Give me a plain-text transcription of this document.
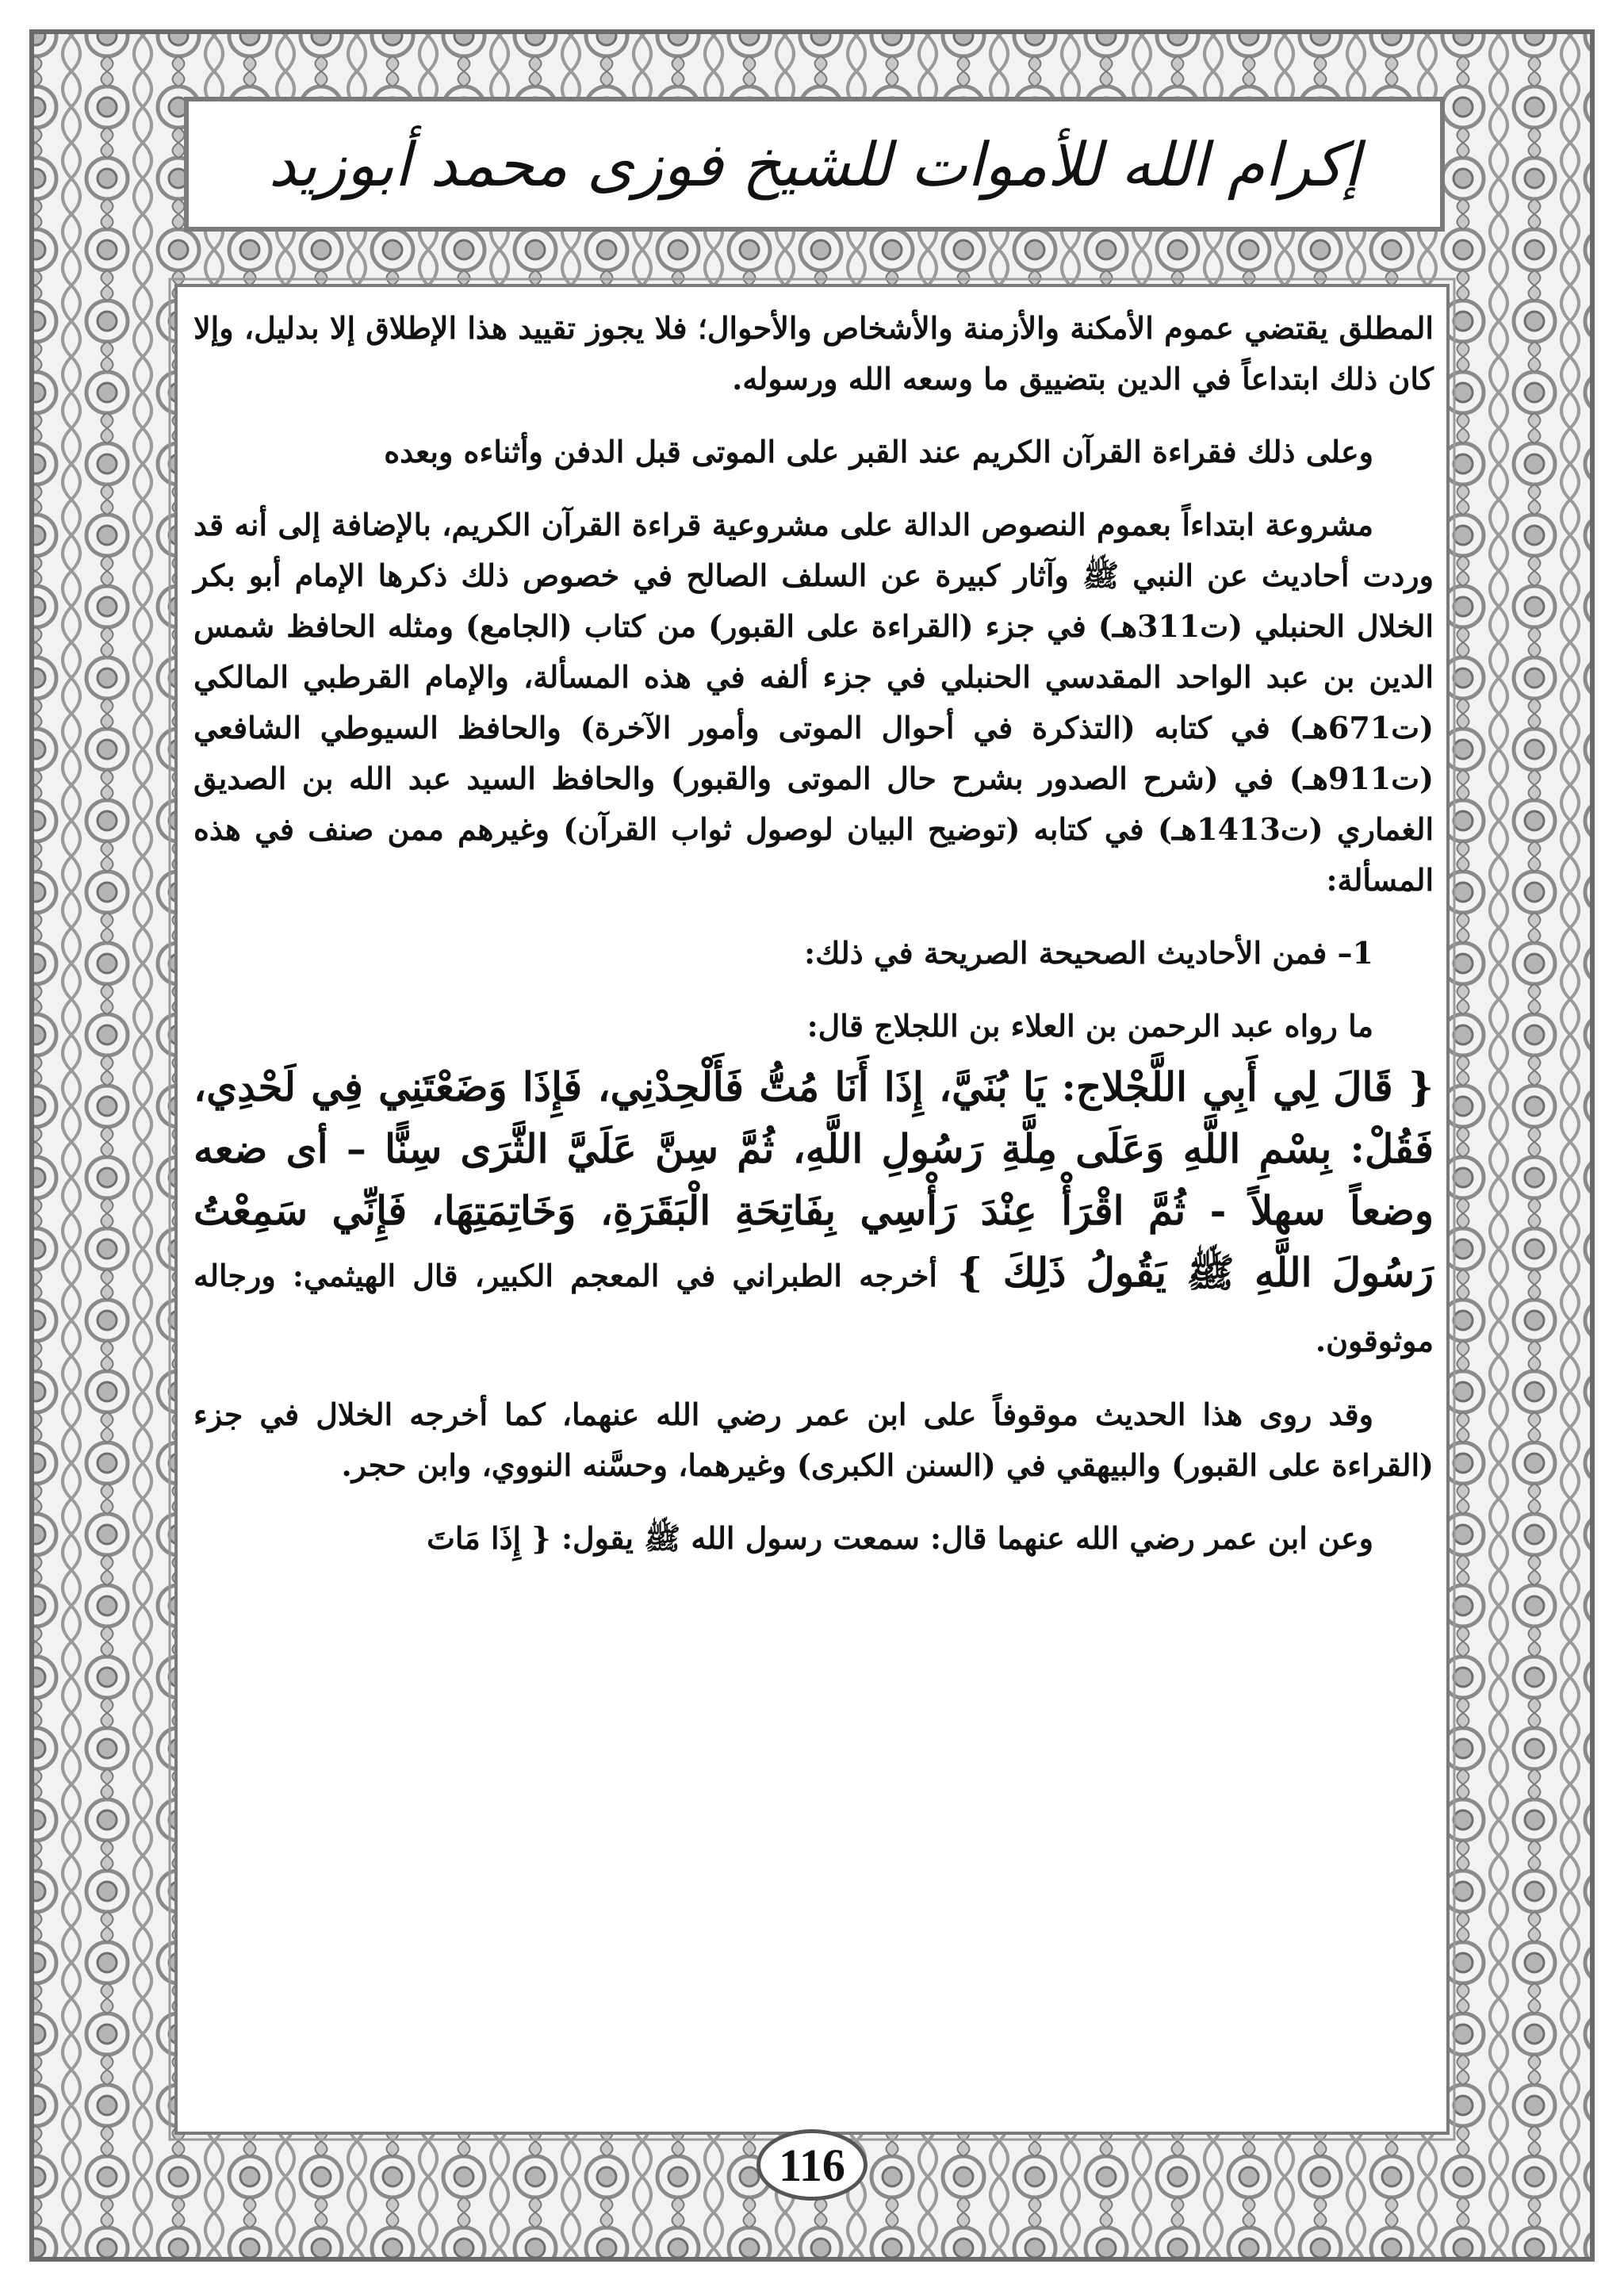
إكرام الله للأموات للشيخ فوزى محمد أبوزيد

المطلق يقتضي عموم الأمكنة والأزمنة والأشخاص والأحوال؛ فلا يجوز تقييد هذا الإطلاق إلا بدليل، وإلا كان ذلك ابتداعاً في الدين بتضييق ما وسعه الله ورسوله.

وعلى ذلك فقراءة القرآن الكريم عند القبر على الموتى قبل الدفن وأثناءه وبعده

مشروعة ابتداءاً بعموم النصوص الدالة على مشروعية قراءة القرآن الكريم، بالإضافة إلى أنه قد وردت أحاديث عن النبي ﷺ وآثار كبيرة عن السلف الصالح في خصوص ذلك ذكرها الإمام أبو بكر الخلال الحنبلي (ت311هـ) في جزء (القراءة على القبور) من كتاب (الجامع) ومثله الحافظ شمس الدين بن عبد الواحد المقدسي الحنبلي في جزء ألفه في هذه المسألة، والإمام القرطبي المالكي (ت671هـ) في كتابه (التذكرة في أحوال الموتى وأمور الآخرة) والحافظ السيوطي الشافعي (ت911هـ) في (شرح الصدور بشرح حال الموتى والقبور) والحافظ السيد عبد الله بن الصديق الغماري (ت1413هـ) في كتابه (توضيح البيان لوصول ثواب القرآن) وغيرهم ممن صنف في هذه المسألة:

1– فمن الأحاديث الصحيحة الصريحة في ذلك:

ما رواه عبد الرحمن بن العلاء بن اللجلاج قال:

{ قَالَ لِي أَبِي اللَّجْلاج: يَا بُنَيَّ، إِذَا أَنَا مُتُّ فَأَلْحِدْنِي، فَإِذَا وَضَعْتَنِي فِي لَحْدِي، فَقُلْ: بِسْمِ اللَّهِ وَعَلَى مِلَّةِ رَسُولِ اللَّهِ، ثُمَّ سِنَّ عَلَيَّ الثَّرَى سِنًّا – أى ضعه وضعاً سهلاً - ثُمَّ اقْرَأْ عِنْدَ رَأْسِي بِفَاتِحَةِ الْبَقَرَةِ، وَخَاتِمَتِهَا، فَإِنِّي سَمِعْتُ رَسُولَ اللَّهِ ﷺ يَقُولُ ذَلِكَ } أخرجه الطبراني في المعجم الكبير، قال الهيثمي: ورجاله موثوقون.

وقد روى هذا الحديث موقوفاً على ابن عمر رضي الله عنهما، كما أخرجه الخلال في جزء (القراءة على القبور) والبيهقي في (السنن الكبرى) وغيرهما، وحسَّنه النووي، وابن حجر.

وعن ابن عمر رضي الله عنهما قال: سمعت رسول الله ﷺ يقول: { إِذَا مَاتَ

116
